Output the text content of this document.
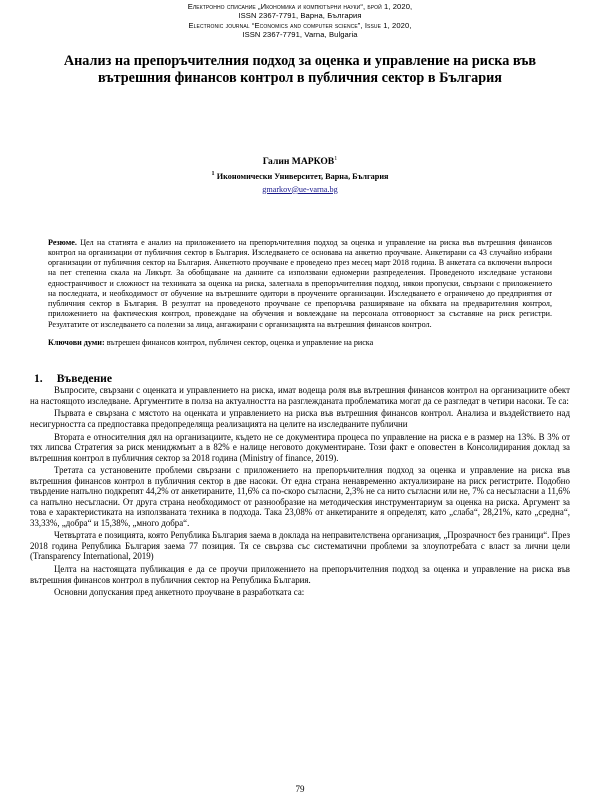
Електронно списание „Икономика и компютърни науки“, брой 1, 2020,
ISSN 2367-7791, Варна, България
Electronic journal “Economics and computer science”, Issue 1, 2020,
ISSN 2367-7791, Varna, Bulgaria
Анализ на препоръчителния подход за оценка и управление на риска във вътрешния финансов контрол в публичния сектор в България
Галин МАРКОВ$^1$
$^1$ Икономически Университет, Варна, България
gmarkov@ue-varna.bg
Резюме. Цел на статията е анализ на приложението на препоръчителния подход за оценка и управление на риска във вътрешния финансов контрол на организации от публичния сектор в България. Изследването се основава на анкетно проучване. Анкетирани са 43 случайно избрани организации от публичния сектор на България. Анкетното проучване е проведено през месец март 2018 година. В анкетата са включени въпроси на пет степенна скала на Ликърт. За обобщаване на данните са използвани едномерни разпределения. Проведеното изследване установи едностранчивост и сложност на техниката за оценка на риска, залегнала в препоръчителния подход, някои пропуски, свързани с приложението на последната, и необходимост от обучение на вътрешните одитори в проучените организации. Изследването е ограничено до предприятия от публичния сектор в България. В резултат на проведеното проучване се препоръчва разширяване на обхвата на предварителния контрол, приложението на фактическия контрол, провеждане на обучения и вовлеждане на персонала отговорност за съставяне на риск регистри. Резултатите от изследването са полезни за лица, ангажирани с организацията на вътрешния финансов контрол.
Ключови думи: вътрешен финансов контрол, публичен сектор, оценка и управление на риска
1. Въведение

Въпросите, свързани с оценката и управлението на риска, имат водеща роля във вътрешния финансов контрол на организациите обект на настоящото изследване. Аргументите в полза на актуалността на разглежданата проблематика могат да се разгледат в четири насоки. Те са:

Първата е свързана с мястото на оценката и управлението на риска във вътрешния финансов контрол. Анализа и въздействието над несигурността са предпоставка предопределяща реализацията на целите на изследваните публични

Втората е относителния дял на организациите, където не се документира процеса по управление на риска е в размер на 13%. В 3% от тях липсва Стратегия за риск мениджмънт а в 82% е налице неговото документиране. Този факт е оповестен в Консолидирания доклад за вътрешния контрол в публичния сектор за 2018 година (Ministry of finance, 2019).

Третата са установените проблеми свързани с приложението на препоръчителния подход за оценка и управление на риска във вътрешния финансов контрол в публичния сектор в две насоки. От една страна ненавременно актуализиране на риск регистрите. Подобно твърдение напълно подкрепят 44,2% от анкетираните, 11,6% са по-скоро съгласни, 2,3% не са нито съгласни или не, 7% са несъгласни а 11,6% са напълно несъгласни. От друга страна необходимост от разнообразие на методическия инструментариум за оценка на риска. Аргумент за това е характеристиката на използваната техника в подхода. Така 23,08% от анкетираните я определят, като „слаба“, 28,21%, като „средна“, 33,33%, „добра“ и 15,38%, „много добра“.

Четвъртата е позицията, която Република България заема в доклада на неправителствена организация, „Прозрачност без граници“. През 2018 година Република България заема 77 позиция. Тя се свързва със систематични проблеми за злоупотребата с власт за лични цели (Transparency International, 2019)

Целта на настоящата публикация е да се проучи приложението на препоръчителния подход за оценка и управление на риска във вътрешния финансов контрол в публичния сектор на Република България.

Основни допускания пред анкетното проучване в разработката са:

79
